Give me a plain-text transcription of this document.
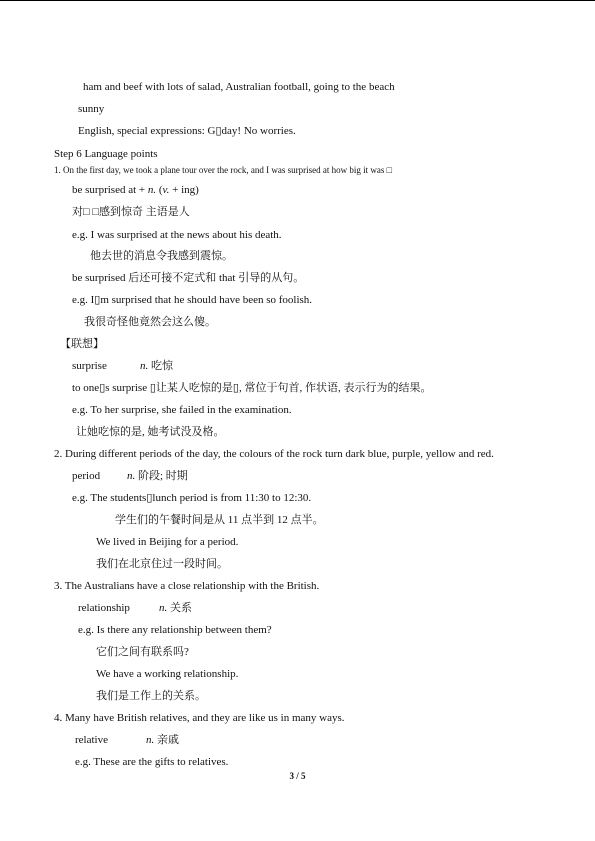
ham and beef with lots of salad, Australian football, going to the beach
sunny
English, special expressions: G▯day! No worries.
Step 6 Language points
1. On the first day, we took a plane tour over the rock, and I was surprised at how big it was □
be surprised at + n. (v. + ing)
对□ □感到惊奇 主语是人
e.g. I was surprised at the news about his death.
他去世的消息令我感到震惊。
be surprised 后还可接不定式和 that 引导的从句。
e.g. I▯m surprised that he should have been so foolish.
我很奇怪他竟然会这么傻。
【联想】
surprise	n. 吃惊
to one▯s surprise ▯让某人吃惊的是▯, 常位于句首, 作状语, 表示行为的结果。
e.g. To her surprise, she failed in the examination.
让她吃惊的是, 她考试没及格。
2. During different periods of the day, the colours of the rock turn dark blue, purple, yellow and red.
period n. 阶段; 时期
e.g. The students▯lunch period is from 11:30 to 12:30.
学生们的午餐时间是从 11 点半到 12 点半。
We lived in Beijing for a period.
我们在北京住过一段时间。
3. The Australians have a close relationship with the British.
relationship	n. 关系
e.g. Is there any relationship between them?
它们之间有联系吗?
We have a working relationship.
我们是工作上的关系。
4. Many have British relatives, and they are like us in many ways.
relative	n. 亲戚
e.g. These are the gifts to relatives.
3 / 5
